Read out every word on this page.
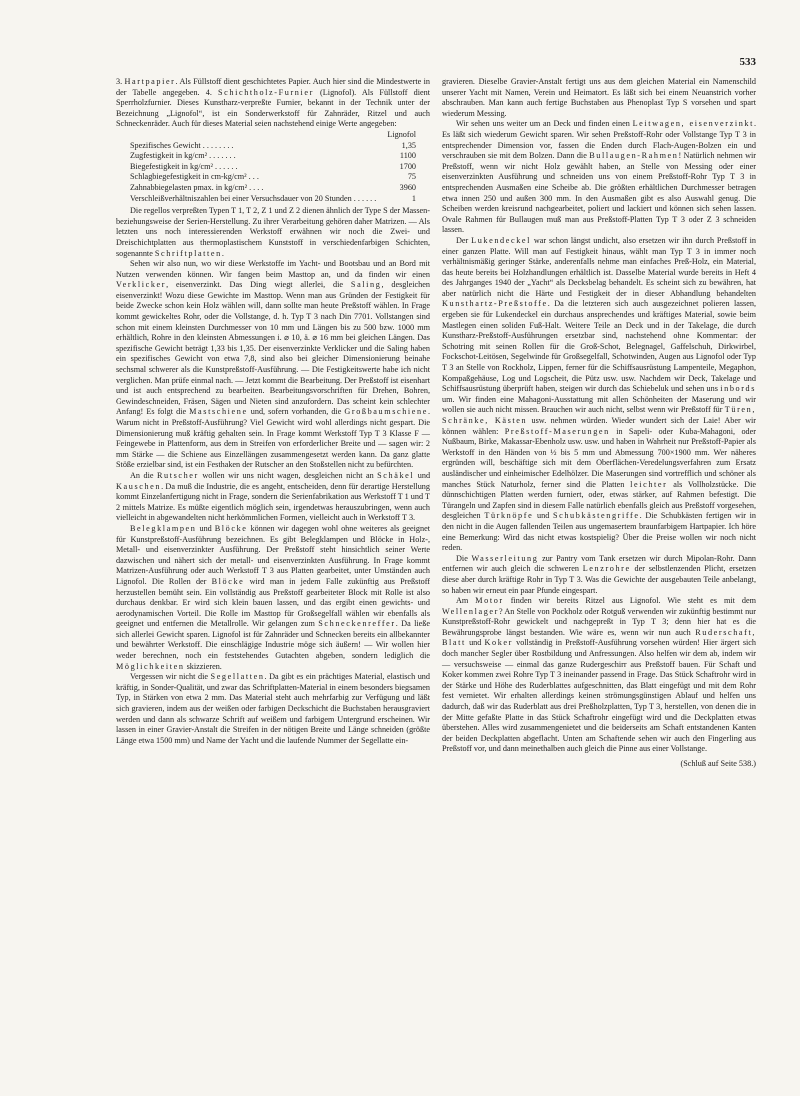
533

3. Hartpapier. Als Füllstoff dient geschichtetes Papier. Auch hier sind die Mindestwerte in der Tabelle angegeben. 4. Schichtholz-Furnier (Lignofol). Als Füllstoff dient Sperrholzfurnier. Dieses Kunstharz-verpreßte Furnier, bekannt in der Technik unter der Bezeichnung „Lignofol“, ist ein Sonderwerkstoff für Zahnräder, Ritzel und auch Schneckenräder. Auch für dieses Material seien nachstehend einige Werte angegeben:

	Lignofol
Spezifisches Gewicht . . . . . . . .	1,35
Zugfestigkeit in kg/cm² . . . . . . .	1100
Biegefestigkeit in kg/cm² . . . . . .	1700
Schlagbiegefestigkeit in cm-kg/cm² . . .	75
Zahnabbiegelasten pmax. in kg/cm² . . . .	3960
Verschleißverhältniszahlen bei einer Versuchsdauer von 20 Stunden . . . . . .	1

Die regellos verpreßten Typen T 1, T 2, Z 1 und Z 2 dienen ähnlich der Type S der Massen- beziehungsweise der Serien-Herstellung. Zu ihrer Verarbeitung gehören daher Matrizen. — Als letzten uns noch interessierenden Werkstoff erwähnen wir noch die Zwei- und Dreischichtplatten aus thermoplastischem Kunststoff in verschiedenfarbigen Schichten, sogenannte Schriftplatten.

Sehen wir also nun, wo wir diese Werkstoffe im Yacht- und Bootsbau und an Bord mit Nutzen verwenden können. Wir fangen beim Masttop an, und da finden wir einen Verklicker, eisenverzinkt. Das Ding wiegt allerlei, die Saling, desgleichen eisenverzinkt! Wozu diese Gewichte im Masttop. Wenn man aus Gründen der Festigkeit für beide Zwecke schon kein Holz wählen will, dann sollte man heute Preßstoff wählen. In Frage kommt gewickeltes Rohr, oder die Vollstange, d. h. Typ T 3 nach Din 7701. Vollstangen sind schon mit einem kleinsten Durchmesser von 10 mm und Längen bis zu 500 bzw. 1000 mm erhältlich, Rohre in den kleinsten Abmessungen i. ⌀ 10, ä. ⌀ 16 mm bei gleichen Längen. Das spezifische Gewicht beträgt 1,33 bis 1,35. Der eisenverzinkte Verklicker und die Saling haben ein spezifisches Gewicht von etwa 7,8, sind also bei gleicher Dimensionierung beinahe sechsmal schwerer als die Kunstpreßstoff-Ausführung. — Die Festigkeitswerte habe ich nicht verglichen. Man prüfe einmal nach. — Jetzt kommt die Bearbeitung. Der Preßstoff ist eisenhart und ist auch entsprechend zu bearbeiten. Bearbeitungsvorschriften für Drehen, Bohren, Gewindeschneiden, Fräsen, Sägen und Nieten sind anzufordern. Das scheint kein schlechter Anfang! Es folgt die Mastschiene und, sofern vorhanden, die Großbaumschiene. Warum nicht in Preßstoff-Ausführung? Viel Gewicht wird wohl allerdings nicht gespart. Die Dimensionierung muß kräftig gehalten sein. In Frage kommt Werkstoff Typ T 3 Klasse F — Feingewebe in Plattenform, aus dem in Streifen von erforderlicher Breite und — sagen wir: 2 mm Stärke — die Schiene aus Einzellängen zusammengesetzt werden kann. Da ganz glatte Stöße erzielbar sind, ist ein Festhaken der Rutscher an den Stoßstellen nicht zu befürchten.

An die Rutscher wollen wir uns nicht wagen, desgleichen nicht an Schäkel und Kauschen. Da muß die Industrie, die es angeht, entscheiden, denn für derartige Herstellung kommt Einzelanfertigung nicht in Frage, sondern die Serienfabrikation aus Werkstoff T 1 und T 2 mittels Matrize. Es müßte eigentlich möglich sein, irgendetwas herauszubringen, wenn auch vielleicht in abgewandelten nicht herkömmlichen Formen, vielleicht auch in Werkstoff T 3.

Belegklampen und Blöcke können wir dagegen wohl ohne weiteres als geeignet für Kunstpreßstoff-Ausführung bezeichnen. Es gibt Belegklampen und Blöcke in Holz-, Metall- und eisenverzinkter Ausführung. Der Preßstoff steht hinsichtlich seiner Werte dazwischen und nähert sich der metall- und eisenverzinkten Ausführung. In Frage kommt Matrizen-Ausführung oder auch Werkstoff T 3 aus Platten gearbeitet, unter Umständen auch Lignofol. Die Rollen der Blöcke wird man in jedem Falle zukünftig aus Preßstoff herzustellen bemüht sein. Ein vollständig aus Preßstoff gearbeiteter Block mit Rolle ist also durchaus denkbar. Er wird sich klein bauen lassen, und das ergibt einen gewichts- und aerodynamischen Vorteil. Die Rolle im Masttop für Großsegelfall wählen wir ebenfalls als geeignet und entfernen die Metallrolle. Wir gelangen zum Schneckenreffer. Da ließe sich allerlei Gewicht sparen. Lignofol ist für Zahnräder und Schnecken bereits ein allbekannter und bewährter Werkstoff. Die einschlägige Industrie möge sich äußern! — Wir wollen hier weder berechnen, noch ein feststehendes Gutachten abgeben, sondern lediglich die Möglichkeiten skizzieren.

Vergessen wir nicht die Segellatten. Da gibt es ein prächtiges Material, elastisch und kräftig, in Sonder-Qualität, und zwar das Schriftplatten-Material in einem besonders biegsamen Typ, in Stärken von etwa 2 mm. Das Material steht auch mehrfarbig zur Verfügung und läßt sich gravieren, indem aus der weißen oder farbigen Deckschicht die Buchstaben herausgraviert werden und dann als schwarze Schrift auf weißem und farbigem Untergrund erscheinen. Wir lassen in einer Gravier-Anstalt die Streifen in der nötigen Breite und Länge schneiden (größte Länge etwa 1500 mm) und Name der Yacht und die laufende Nummer der Segellatte ein-

gravieren. Dieselbe Gravier-Anstalt fertigt uns aus dem gleichen Material ein Namenschild unserer Yacht mit Namen, Verein und Heimatort. Es läßt sich bei einem Neuanstrich vorher abschrauben. Man kann auch fertige Buchstaben aus Phenoplast Typ S vorsehen und spart wiederum Messing.

Wir sehen uns weiter um an Deck und finden einen Leitwagen, eisenverzinkt. Es läßt sich wiederum Gewicht sparen. Wir sehen Preßstoff-Rohr oder Vollstange Typ T 3 in entsprechender Dimension vor, fassen die Enden durch Flach-Augen-Bolzen ein und verschrauben sie mit dem Bolzen. Dann die Bullaugen-Rahmen! Natürlich nehmen wir Preßstoff, wenn wir nicht Holz gewählt haben, an Stelle von Messing oder einer eisenverzinkten Ausführung und schneiden uns von einem Preßstoff-Rohr Typ T 3 in entsprechenden Ausmaßen eine Scheibe ab. Die größten erhältlichen Durchmesser betragen etwa innen 250 und außen 300 mm. In den Ausmaßen gibt es also Auswahl genug. Die Scheiben werden kreisrund nachgearbeitet, poliert und lackiert und können sich sehen lassen. Ovale Rahmen für Bullaugen muß man aus Preßstoff-Platten Typ T 3 oder Z 3 schneiden lassen.

Der Lukendeckel war schon längst undicht, also ersetzen wir ihn durch Preßstoff in einer ganzen Platte. Will man auf Festigkeit hinaus, wählt man Typ T 3 in immer noch verhältnismäßig geringer Stärke, anderenfalls nehme man einfaches Preß-Holz, ein Material, das heute bereits bei Holzhandlungen erhältlich ist. Dasselbe Material wurde bereits in Heft 4 des Jahrganges 1940 der „Yacht“ als Decksbelag behandelt. Es scheint sich zu bewähren, hat aber natürlich nicht die Härte und Festigkeit der in dieser Abhandlung behandelten Kunsthartz-Preßstoffe. Da die letzteren sich auch ausgezeichnet polieren lassen, ergeben sie für Lukendeckel ein durchaus ansprechendes und kräftiges Material, sowie beim Mastlegen einen soliden Fuß-Halt. Weitere Teile an Deck und in der Takelage, die durch Kunstharz-Preßstoff-Ausführungen ersetzbar sind, nachstehend ohne Kommentar: der Schotring mit seinen Rollen für die Groß-Schot, Belegnagel, Gaffelschuh, Dirkwirbel, Fockschot-Leitösen, Segelwinde für Großsegelfall, Schotwinden, Augen aus Lignofol oder Typ T 3 an Stelle von Rockholz, Lippen, ferner für die Schiffsausrüstung Lampenteile, Megaphon, Kompaßgehäuse, Log und Logscheit, die Pütz usw. usw. Nachdem wir Deck, Takelage und Schiffsausrüstung überprüft haben, steigen wir durch das Schiebeluk und sehen uns inbords um. Wir finden eine Mahagoni-Ausstattung mit allen Schönheiten der Maserung und wir wollen sie auch nicht missen. Brauchen wir auch nicht, selbst wenn wir Preßstoff für Türen, Schränke, Kästen usw. nehmen würden. Wieder wundert sich der Laie! Aber wir können wählen: Preßstoff-Maserungen in Sapeli- oder Kuba-Mahagoni, oder Nußbaum, Birke, Makassar-Ebenholz usw. usw. und haben in Wahrheit nur Preßstoff-Papier als Werkstoff in den Händen von ½ bis 5 mm und Abmessung 700×1900 mm. Wer näheres ergründen will, beschäftige sich mit dem Oberflächen-Veredelungsverfahren zum Ersatz ausländischer und einheimischer Edelhölzer. Die Maserungen sind vortrefflich und schöner als manches Stück Naturholz, ferner sind die Platten leichter als Vollholzstücke. Die dünnschichtigen Platten werden furniert, oder, etwas stärker, auf Rahmen befestigt. Die Türangeln und Zapfen sind in diesem Falle natürlich ebenfalls gleich aus Preßstoff vorgesehen, desgleichen Türknöpfe und Schubkästengriffe. Die Schubkästen fertigen wir in den nicht in die Augen fallenden Teilen aus ungemasertem braunfarbigem Hartpapier. Ich höre eine Bemerkung: Wird das nicht etwas kostspielig? Über die Preise wollen wir noch nicht reden.

Die Wasserleitung zur Pantry vom Tank ersetzen wir durch Mipolan-Rohr. Dann entfernen wir auch gleich die schweren Lenzrohre der selbstlenzenden Plicht, ersetzen diese aber durch kräftige Rohr in Typ T 3. Was die Gewichte der ausgebauten Teile anbelangt, so haben wir erneut ein paar Pfunde eingespart.

Am Motor finden wir bereits Ritzel aus Lignofol. Wie steht es mit dem Wellenlager? An Stelle von Pockholz oder Rotguß verwenden wir zukünftig bestimmt nur Kunstpreßstoff-Rohr gewickelt und nachgepreßt in Typ T 3; denn hier hat es die Bewährungsprobe längst bestanden. Wie wäre es, wenn wir nun auch Ruderschaft, Blatt und Koker vollständig in Preßstoff-Ausführung vorsehen würden! Hier ärgert sich doch mancher Segler über Rostbildung und Anfressungen. Also helfen wir dem ab, indem wir — versuchsweise — einmal das ganze Rudergeschirr aus Preßstoff bauen. Für Schaft und Koker kommen zwei Rohre Typ T 3 ineinander passend in Frage. Das Stück Schaftrohr wird in der Stärke und Höhe des Ruderblattes aufgeschnitten, das Blatt eingefügt und mit dem Rohr fest vernietet. Wir erhalten allerdings keinen strömungsgünstigen Ablauf und helfen uns dadurch, daß wir das Ruderblatt aus drei Preßholzplatten, Typ T 3, herstellen, von denen die in der Mitte gefaßte Platte in das Stück Schaftrohr eingefügt wird und die Deckplatten etwas überstehen. Alles wird zusammengenietet und die beiderseits am Schaft entstandenen Kanten der beiden Deckplatten abgeflacht. Unten am Schaftende sehen wir auch den Fingerling aus Preßstoff vor, und dann meinethalben auch gleich die Pinne aus einer Vollstange.

(Schluß auf Seite 538.)
